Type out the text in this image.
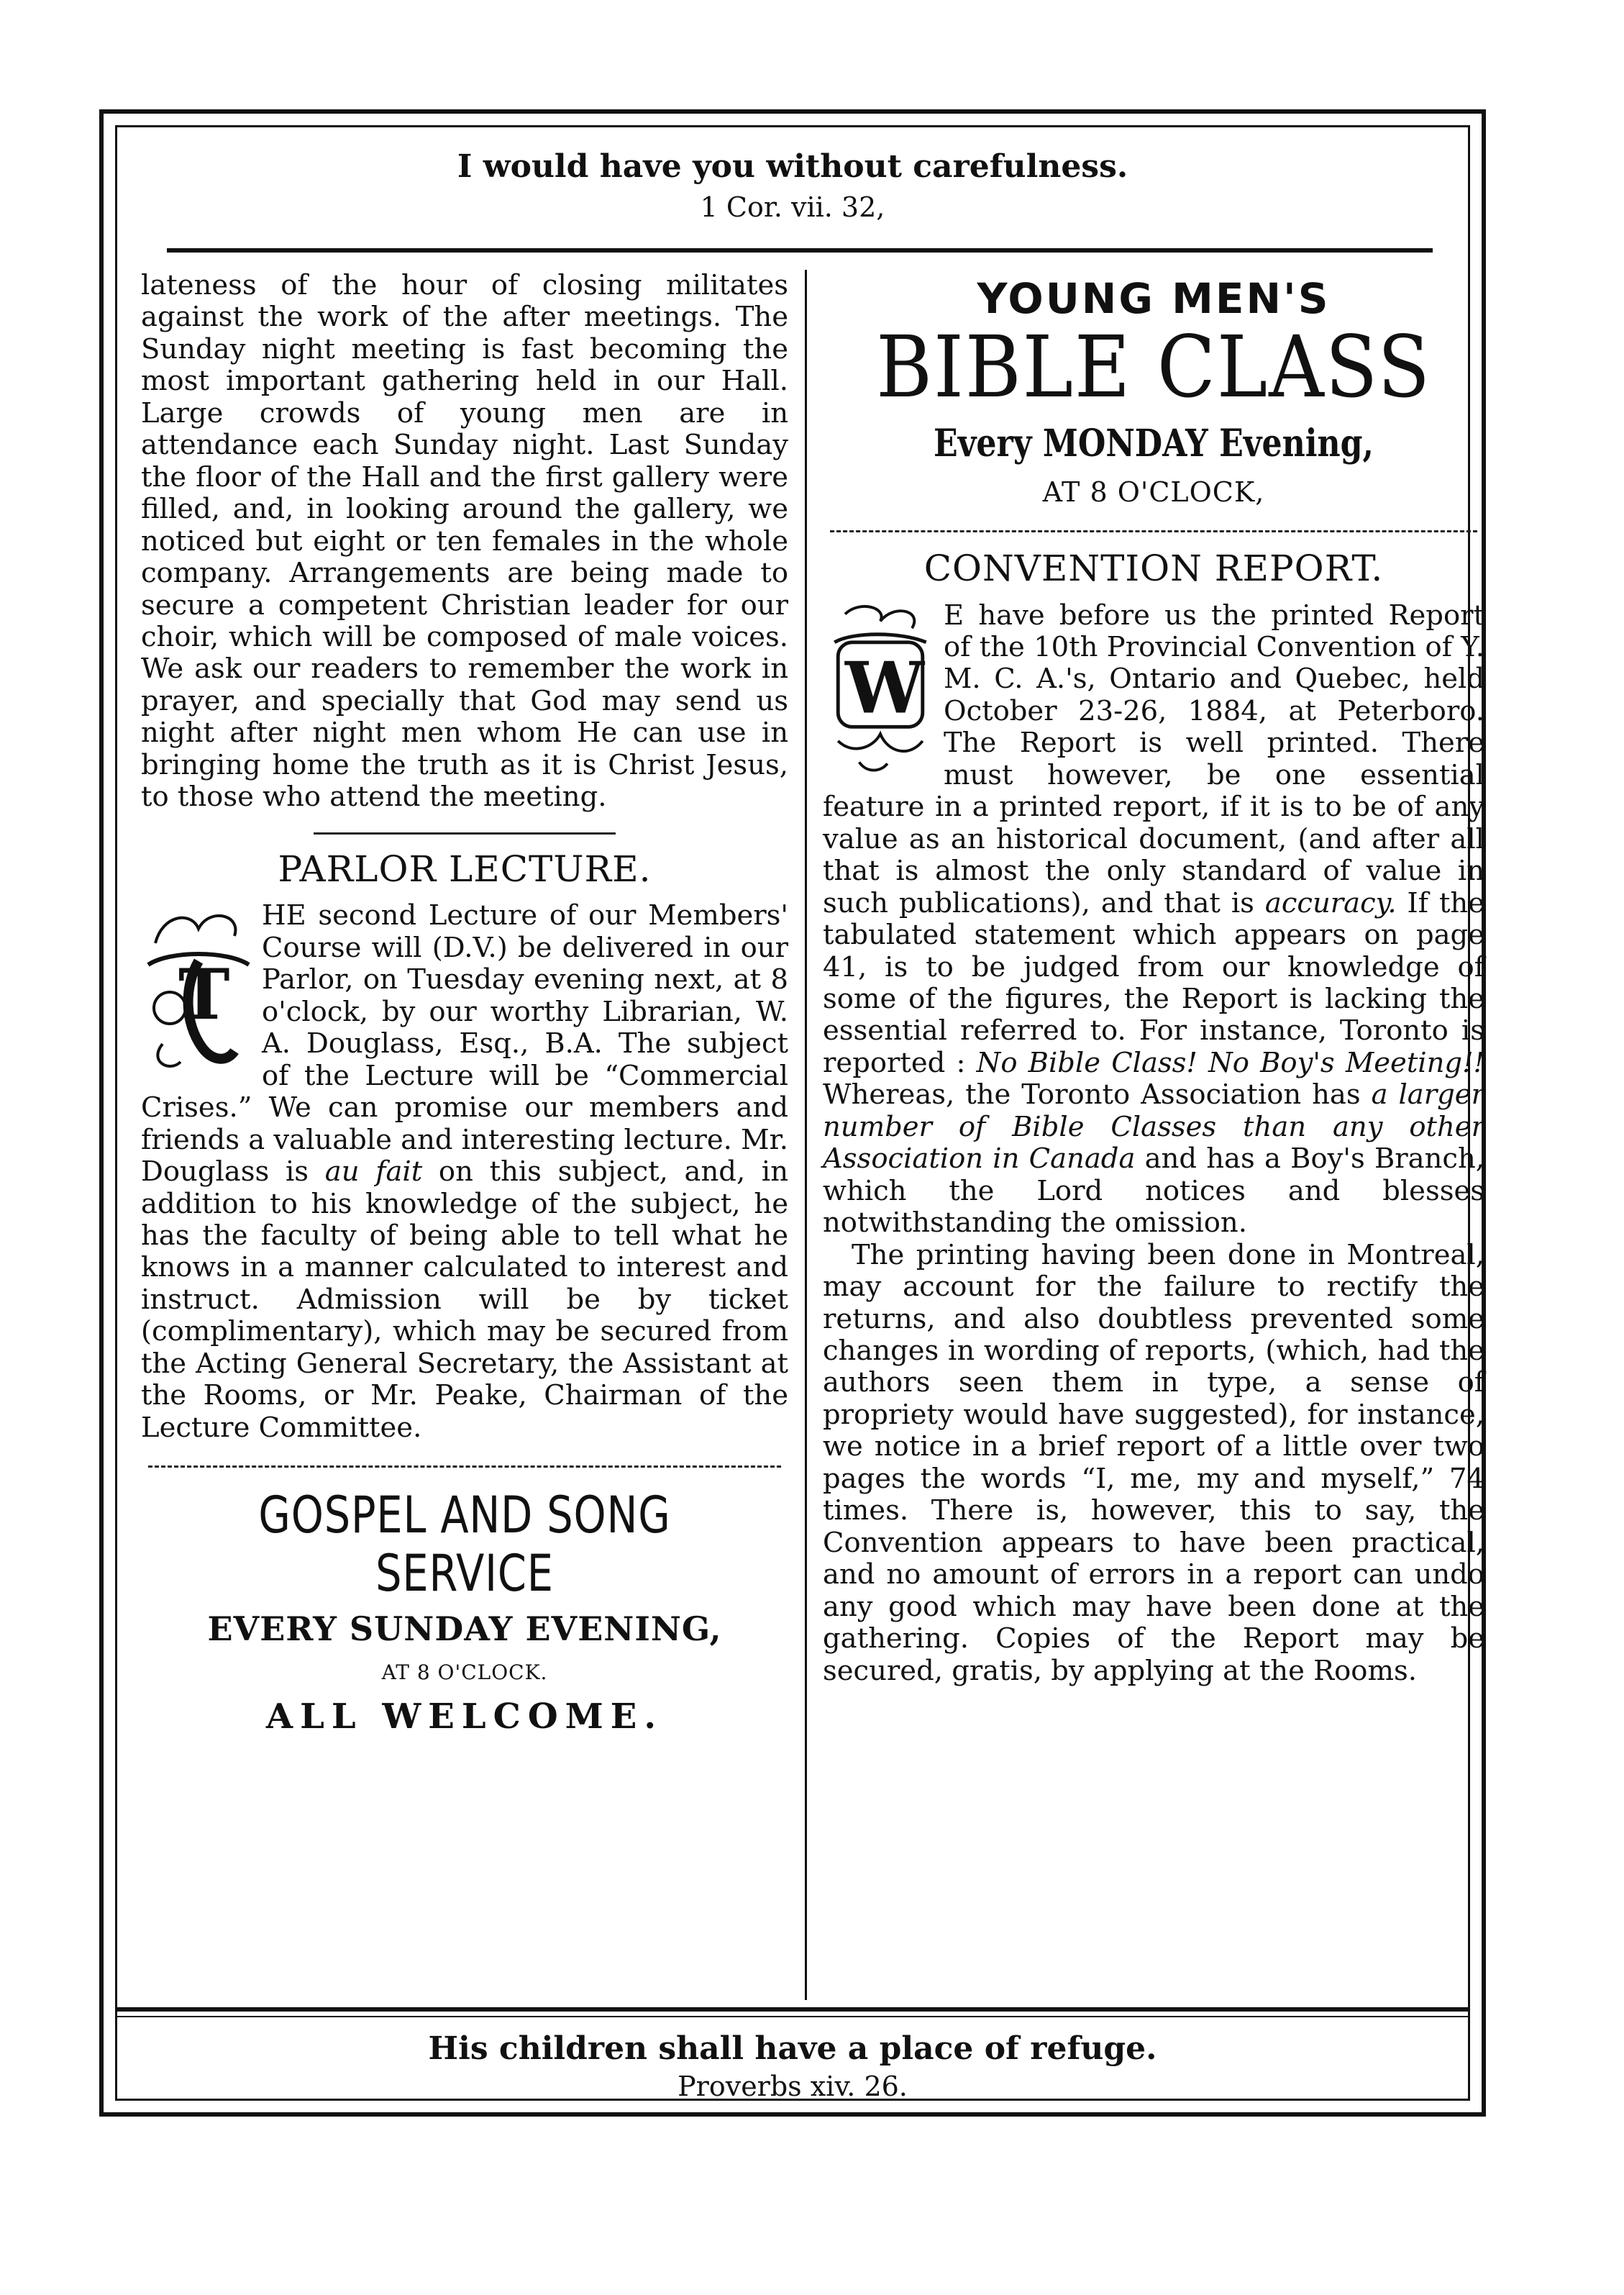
I would have you without carefulness.
1 Cor. vii. 32,

lateness of the hour of closing militates against the work of the after meetings. The Sunday night meeting is fast becoming the most important gathering held in our Hall. Large crowds of young men are in attendance each Sunday night. Last Sunday the floor of the Hall and the first gallery were filled, and, in looking around the gallery, we noticed but eight or ten females in the whole company. Arrangements are being made to secure a competent Christian leader for our choir, which will be composed of male voices. We ask our readers to remember the work in prayer, and specially that God may send us night after night men whom He can use in bringing home the truth as it is Christ Jesus, to those who attend the meeting.

PARLOR LECTURE.

T
HE second Lecture of our Members' Course will (D.V.) be delivered in our Parlor, on Tuesday evening next, at 8 o'clock, by our worthy Librarian, W. A. Douglass, Esq., B.A. The subject of the Lecture will be “Commercial Crises.” We can promise our members and friends a valuable and interesting lecture. Mr. Douglass is au fait on this subject, and, in addition to his knowledge of the subject, he has the faculty of being able to tell what he knows in a manner calculated to interest and instruct. Admission will be by ticket (complimentary), which may be secured from the Acting General Secretary, the Assistant at the Rooms, or Mr. Peake, Chairman of the Lecture Committee.

GOSPEL AND SONG SERVICE
EVERY SUNDAY EVENING,
AT 8 O'CLOCK.
ALL WELCOME.
YOUNG MEN'S
BIBLE CLASS
Every MONDAY Evening,
AT 8 O'CLOCK,

CONVENTION REPORT.

W
E have before us the printed Report of the 10th Provincial Convention of Y. M. C. A.'s, Ontario and Quebec, held October 23-26, 1884, at Peterboro. The Report is well printed. There must however, be one essential feature in a printed report, if it is to be of any value as an historical document, (and after all that is almost the only standard of value in such publications), and that is accuracy. If the tabulated statement which appears on page 41, is to be judged from our knowledge of some of the figures, the Report is lacking the essential referred to. For instance, Toronto is reported : No Bible Class! No Boy's Meeting!! Whereas, the Toronto Association has a larger number of Bible Classes than any other Association in Canada and has a Boy's Branch, which the Lord notices and blesses notwithstanding the omission.

The printing having been done in Montreal, may account for the failure to rectify the returns, and also doubtless prevented some changes in wording of reports, (which, had the authors seen them in type, a sense of propriety would have suggested), for instance, we notice in a brief report of a little over two pages the words “I, me, my and myself,” 74 times. There is, however, this to say, the Convention appears to have been practical, and no amount of errors in a report can undo any good which may have been done at the gathering. Copies of the Report may be secured, gratis, by applying at the Rooms.

His children shall have a place of refuge.
Proverbs xiv. 26.
